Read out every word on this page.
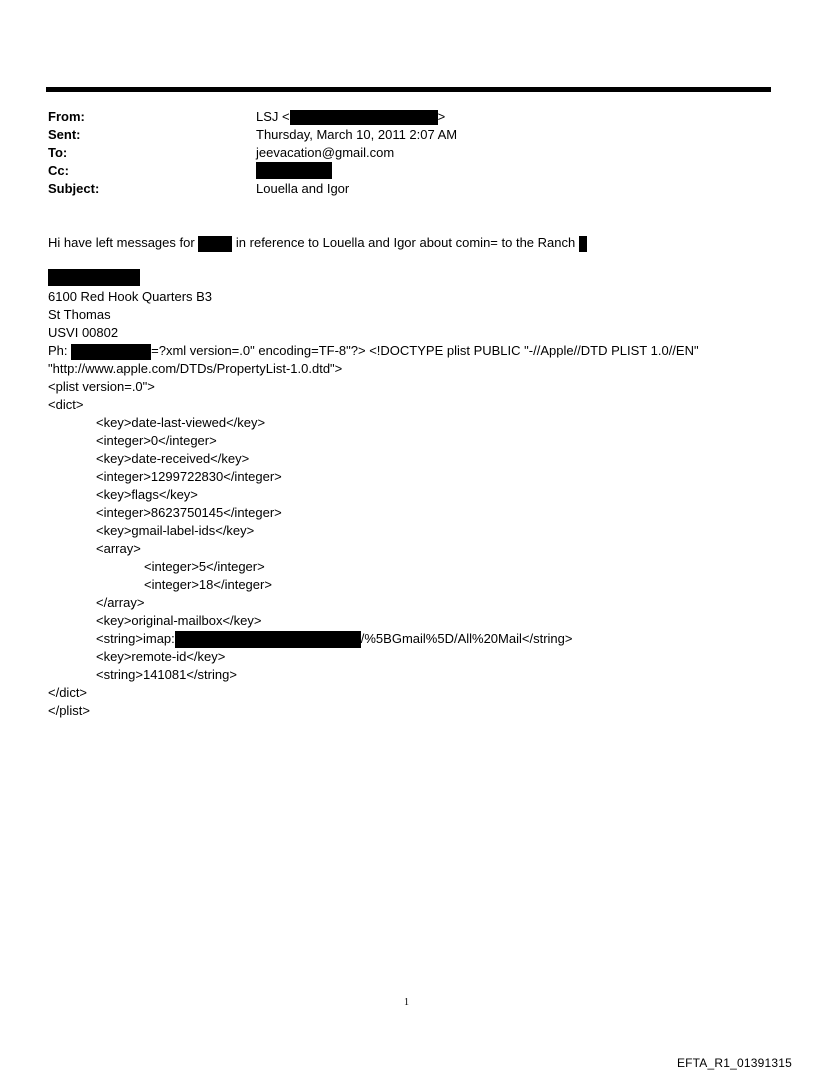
From:	LSJ <	>
Sent:	Thursday, March 10, 2011 2:07 AM
To:	jeevacation@gmail.com
Cc:
Subject:	Louella and Igor
Hi have left messages for	in reference to Louella and Igor about comin= to the Ranch
6100 Red Hook Quarters B3
St Thomas
USVI 00802
Ph:	=?xml version=.0" encoding=TF-8"?> <!DOCTYPE plist PUBLIC "-//Apple//DTD PLIST 1.0//EN"
"http://www.apple.com/DTDs/PropertyList-1.0.dtd">
<plist version=.0">
<dict>
<key>date-last-viewed</key>
<integer>0</integer>
<key>date-received</key>
<integer>1299722830</integer>
<key>flags</key>
<integer>8623750145</integer>
<key>gmail-label-ids</key>
<array>
<integer>5</integer>
<integer>18</integer>
</array>
<key>original-mailbox</key>
<string>imap:	/%5BGmail%5D/All%20Mail</string>
<key>remote-id</key>
<string>141081</string>
</dict>
</plist>
1
EFTA_R1_01391315
